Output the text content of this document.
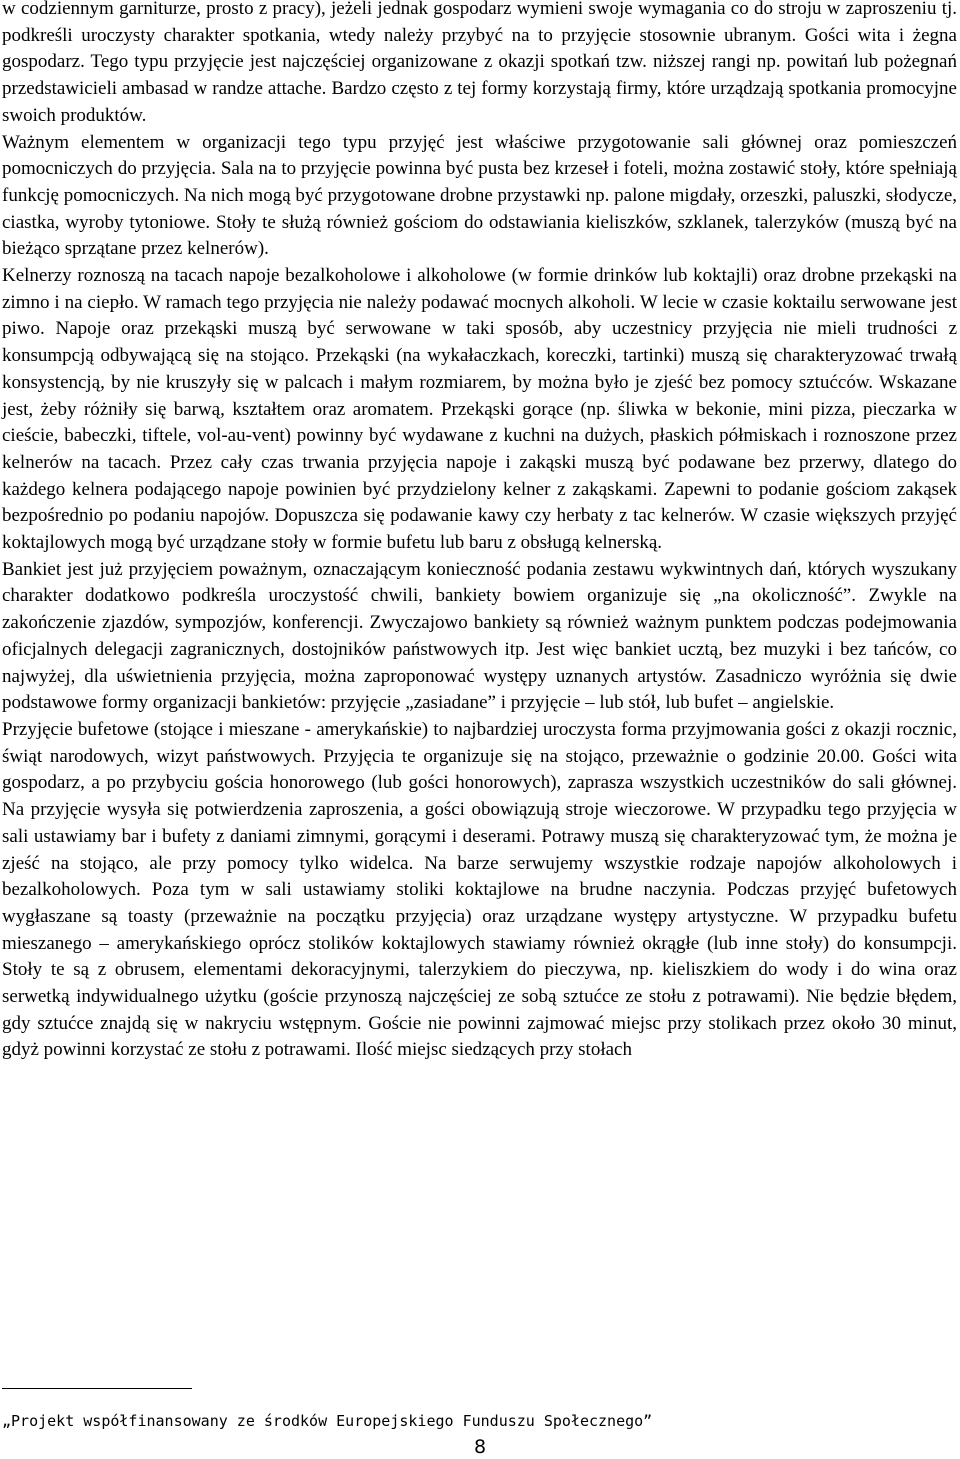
w codziennym garniturze, prosto z pracy), jeżeli jednak gospodarz wymieni swoje wymagania co do stroju w zaproszeniu tj. podkreśli uroczysty charakter spotkania, wtedy należy przybyć na to przyjęcie stosownie ubranym. Gości wita i żegna gospodarz. Tego typu przyjęcie jest najczęściej organizowane z okazji spotkań tzw. niższej rangi np. powitań lub pożegnań przedstawicieli ambasad w randze attache. Bardzo często z tej formy korzystają firmy, które urządzają spotkania promocyjne swoich produktów.

Ważnym elementem w organizacji tego typu przyjęć jest właściwe przygotowanie sali głównej oraz pomieszczeń pomocniczych do przyjęcia. Sala na to przyjęcie powinna być pusta bez krzeseł i foteli, można zostawić stoły, które spełniają funkcję pomocniczych. Na nich mogą być przygotowane drobne przystawki np. palone migdały, orzeszki, paluszki, słodycze, ciastka, wyroby tytoniowe. Stoły te służą również gościom do odstawiania kieliszków, szklanek, talerzyków (muszą być na bieżąco sprzątane przez kelnerów).

Kelnerzy roznoszą na tacach napoje bezalkoholowe i alkoholowe (w formie drinków lub koktajli) oraz drobne przekąski na zimno i na ciepło. W ramach tego przyjęcia nie należy podawać mocnych alkoholi. W lecie w czasie koktailu serwowane jest piwo. Napoje oraz przekąski muszą być serwowane w taki sposób, aby uczestnicy przyjęcia nie mieli trudności z konsumpcją odbywającą się na stojąco. Przekąski (na wykałaczkach, koreczki, tartinki) muszą się charakteryzować trwałą konsystencją, by nie kruszyły się w palcach i małym rozmiarem, by można było je zjeść bez pomocy sztućców. Wskazane jest, żeby różniły się barwą, kształtem oraz aromatem. Przekąski gorące (np. śliwka w bekonie, mini pizza, pieczarka w cieście, babeczki, tiftele, vol-au-vent) powinny być wydawane z kuchni na dużych, płaskich półmiskach i roznoszone przez kelnerów na tacach. Przez cały czas trwania przyjęcia napoje i zakąski muszą być podawane bez przerwy, dlatego do każdego kelnera podającego napoje powinien być przydzielony kelner z zakąskami. Zapewni to podanie gościom zakąsek bezpośrednio po podaniu napojów. Dopuszcza się podawanie kawy czy herbaty z tac kelnerów. W czasie większych przyjęć koktajlowych mogą być urządzane stoły w formie bufetu lub baru z obsługą kelnerską.

Bankiet jest już przyjęciem poważnym, oznaczającym konieczność podania zestawu wykwintnych dań, których wyszukany charakter dodatkowo podkreśla uroczystość chwili, bankiety bowiem organizuje się „na okoliczność”. Zwykle na zakończenie zjazdów, sympozjów, konferencji. Zwyczajowo bankiety są również ważnym punktem podczas podejmowania oficjalnych delegacji zagranicznych, dostojników państwowych itp. Jest więc bankiet ucztą, bez muzyki i bez tańców, co najwyżej, dla uświetnienia przyjęcia, można zaproponować występy uznanych artystów. Zasadniczo wyróżnia się dwie podstawowe formy organizacji bankietów: przyjęcie „zasiadane” i przyjęcie – lub stół, lub bufet – angielskie.

Przyjęcie bufetowe (stojące i mieszane - amerykańskie) to najbardziej uroczysta forma przyjmowania gości z okazji rocznic, świąt narodowych, wizyt państwowych. Przyjęcia te organizuje się na stojąco, przeważnie o godzinie 20.00. Gości wita gospodarz, a po przybyciu gościa honorowego (lub gości honorowych), zaprasza wszystkich uczestników do sali głównej. Na przyjęcie wysyła się potwierdzenia zaproszenia, a gości obowiązują stroje wieczorowe. W przypadku tego przyjęcia w sali ustawiamy bar i bufety z daniami zimnymi, gorącymi i deserami. Potrawy muszą się charakteryzować tym, że można je zjeść na stojąco, ale przy pomocy tylko widelca. Na barze serwujemy wszystkie rodzaje napojów alkoholowych i bezalkoholowych. Poza tym w sali ustawiamy stoliki koktajlowe na brudne naczynia. Podczas przyjęć bufetowych wygłaszane są toasty (przeważnie na początku przyjęcia) oraz urządzane występy artystyczne. W przypadku bufetu mieszanego – amerykańskiego oprócz stolików koktajlowych stawiamy również okrągłe (lub inne stoły) do konsumpcji. Stoły te są z obrusem, elementami dekoracyjnymi, talerzykiem do pieczywa, np. kieliszkiem do wody i do wina oraz serwetką indywidualnego użytku (goście przynoszą najczęściej ze sobą sztućce ze stołu z potrawami). Nie będzie błędem, gdy sztućce znajdą się w nakryciu wstępnym. Goście nie powinni zajmować miejsc przy stolikach przez około 30 minut, gdyż powinni korzystać ze stołu z potrawami. Ilość miejsc siedzących przy stołach

„Projekt współfinansowany ze środków Europejskiego Funduszu Społecznego”
8
